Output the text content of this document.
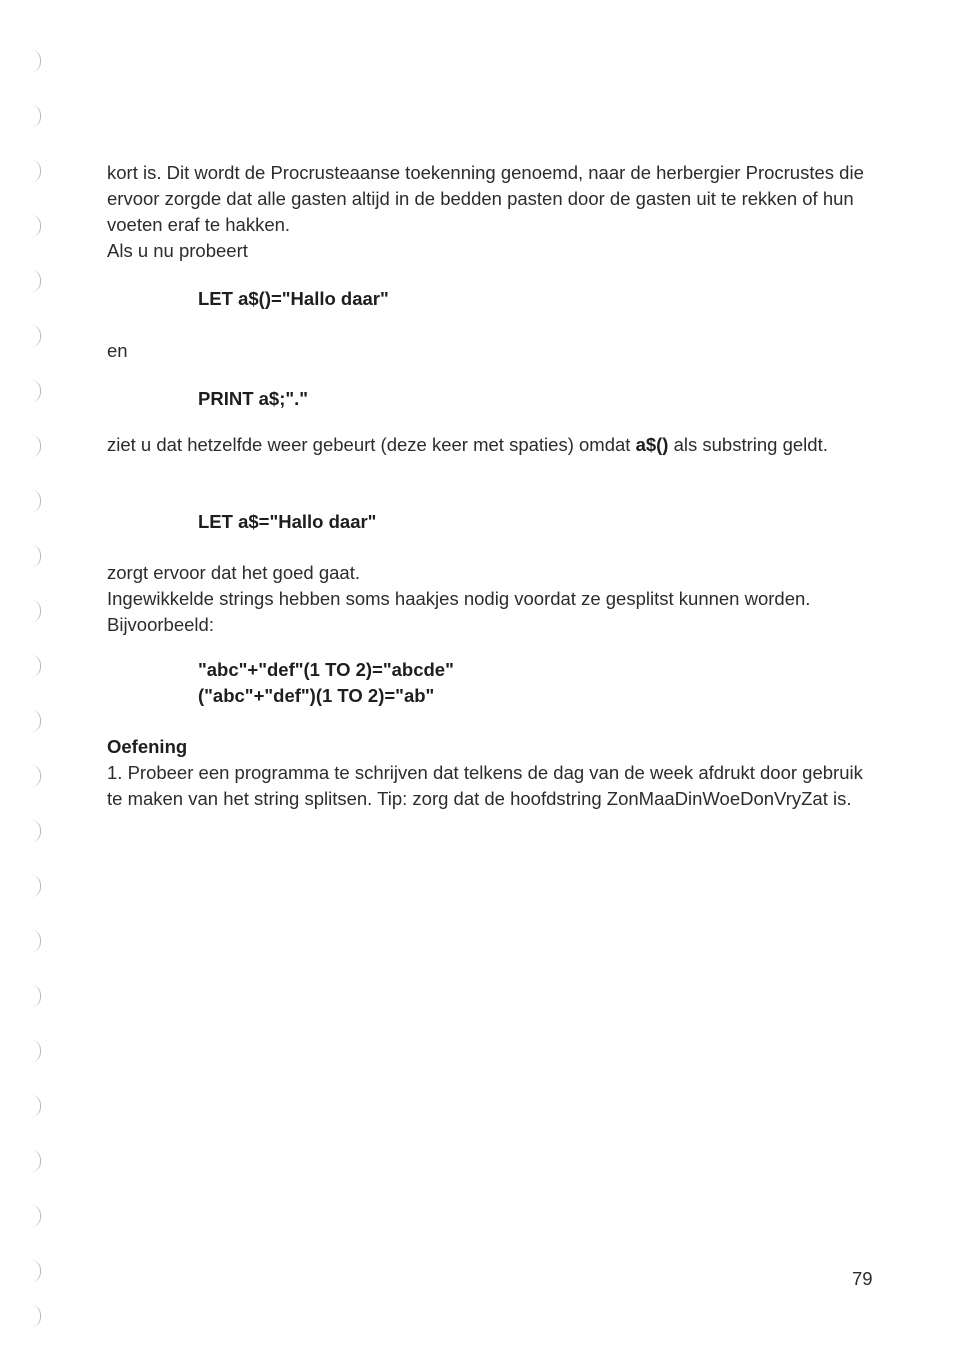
kort is. Dit wordt de Procrusteaanse toekenning genoemd, naar de herbergier Procrustes die ervoor zorgde dat alle gasten altijd in de bedden pasten door de gasten uit te rekken of hun voeten eraf te hakken.

Als u nu probeert

LET a$()="Hallo daar"
en
PRINT a$;"."

ziet u dat hetzelfde weer gebeurt (deze keer met spaties) omdat a$() als substring geldt.

LET a$="Hallo daar"

zorgt ervoor dat het goed gaat.

Ingewikkelde strings hebben soms haakjes nodig voordat ze gesplitst kunnen worden.

Bijvoorbeeld:

"abc"+"def"(1 TO 2)="abcde"
("abc"+"def")(1 TO 2)="ab"
Oefening

1. Probeer een programma te schrijven dat telkens de dag van de week afdrukt door gebruik te maken van het string splitsen. Tip: zorg dat de hoofdstring ZonMaaDinWoeDonVryZat is.

79
